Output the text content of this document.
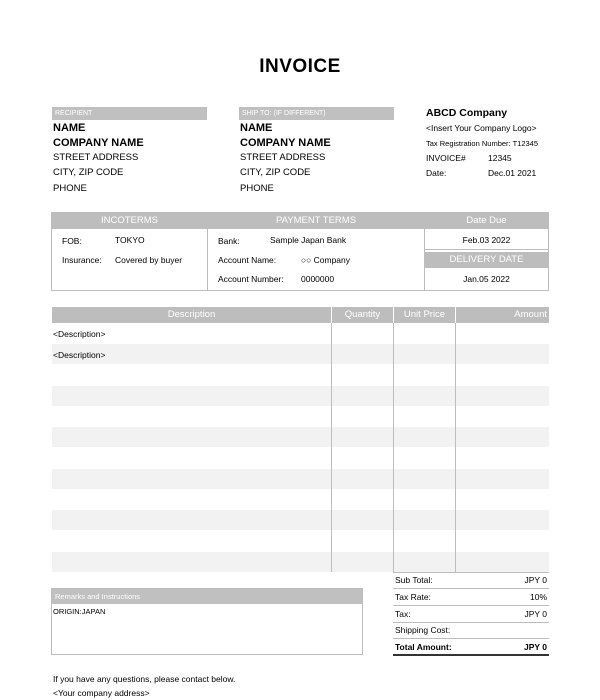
INVOICE
RECIPIENT
NAME
COMPANY NAME
STREET ADDRESS
CITY, ZIP CODE
PHONE
SHIP TO: (IF DIFFERENT)
NAME
COMPANY NAME
STREET ADDRESS
CITY, ZIP CODE
PHONE
ABCD Company
<Insert Your Company Logo>
Tax Registration Number: T12345
INVOICE#	12345
Date:	Dec.01 2021
INCOTERMS	PAYMENT TERMS	Date Due
FOB:	TOKYO
Insurance: Covered by buyer
Bank:	Sample Japan Bank
Account Name:	○○ Company
Account Number: 0000000
Feb.03 2022
DELIVERY DATE
Jan.05 2022
Description	Quantity	Unit Price	Amount
<Description>
<Description>
Remarks and Instructions
ORIGIN:JAPAN
Sub Total:	JPY 0
Tax Rate:	10%
Tax:	JPY 0
Shipping Cost:
Total Amount:	JPY 0
If you have any questions, please contact below.
<Your company address>
